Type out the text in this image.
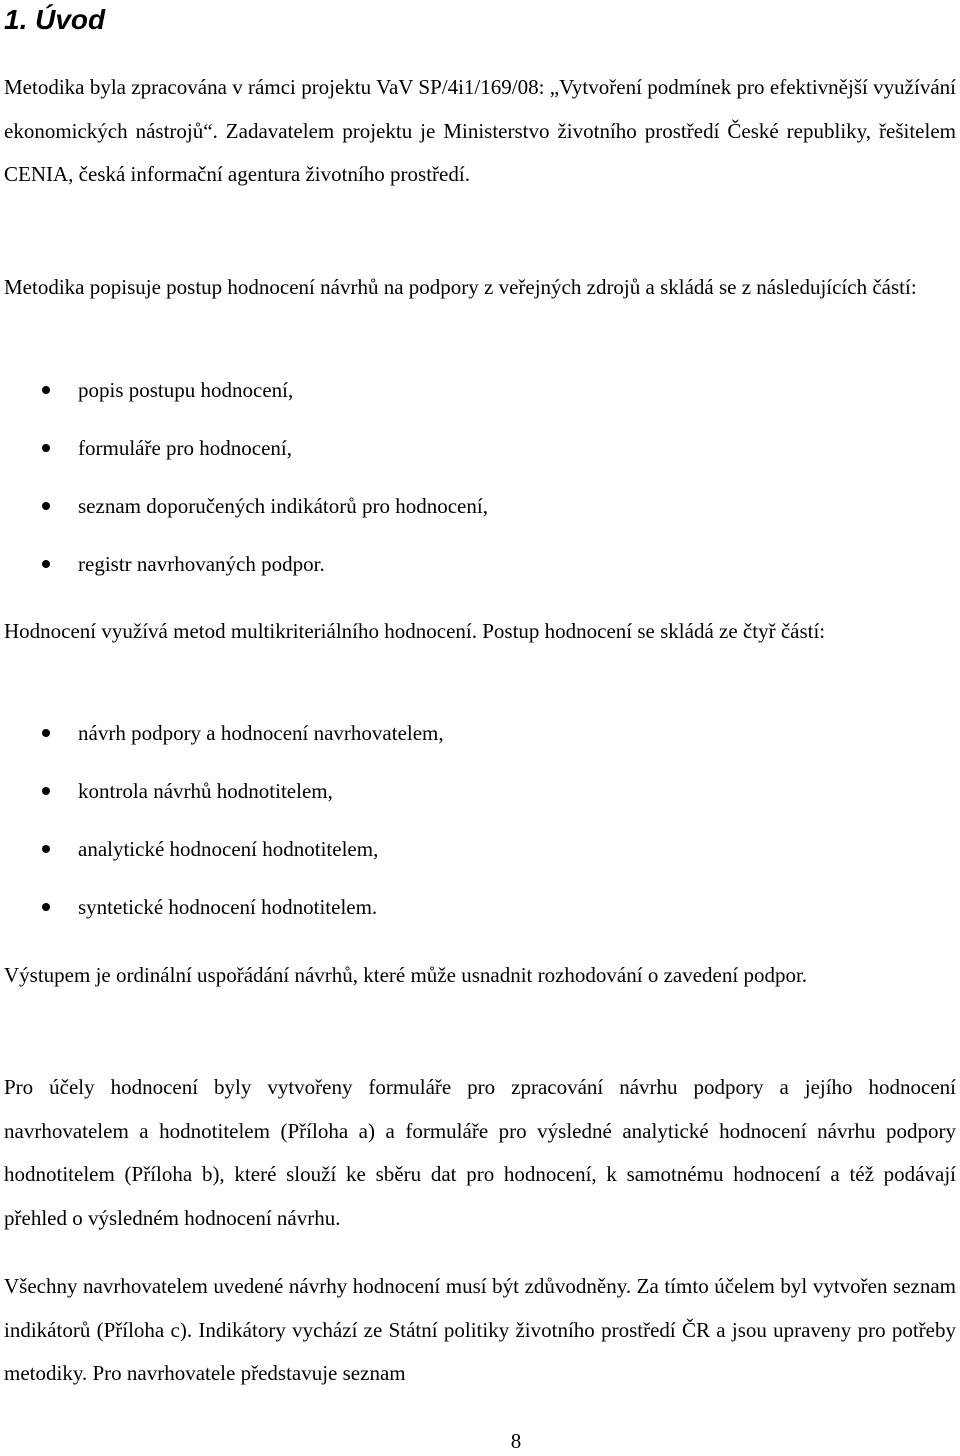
1. Úvod

Metodika byla zpracována v rámci projektu VaV SP/4i1/169/08: „Vytvoření podmínek pro efektivnější využívání ekonomických nástrojů“. Zadavatelem projektu je Ministerstvo životního prostředí České republiky, řešitelem CENIA, česká informační agentura životního prostředí.

Metodika popisuje postup hodnocení návrhů na podpory z veřejných zdrojů a skládá se z následujících částí:

popis postupu hodnocení,
formuláře pro hodnocení,
seznam doporučených indikátorů pro hodnocení,
registr navrhovaných podpor.

Hodnocení využívá metod multikriteriálního hodnocení. Postup hodnocení se skládá ze čtyř částí:

návrh podpory a hodnocení navrhovatelem,
kontrola návrhů hodnotitelem,
analytické hodnocení hodnotitelem,
syntetické hodnocení hodnotitelem.

Výstupem je ordinální uspořádání návrhů, které může usnadnit rozhodování o zavedení podpor.

Pro účely hodnocení byly vytvořeny formuláře pro zpracování návrhu podpory a jejího hodnocení navrhovatelem a hodnotitelem (Příloha a) a formuláře pro výsledné analytické hodnocení návrhu podpory hodnotitelem (Příloha b), které slouží ke sběru dat pro hodnocení, k samotnému hodnocení a též podávají přehled o výsledném hodnocení návrhu.

Všechny navrhovatelem uvedené návrhy hodnocení musí být zdůvodněny. Za tímto účelem byl vytvořen seznam indikátorů (Příloha c). Indikátory vychází ze Státní politiky životního prostředí ČR a jsou upraveny pro potřeby metodiky. Pro navrhovatele představuje seznam

8
